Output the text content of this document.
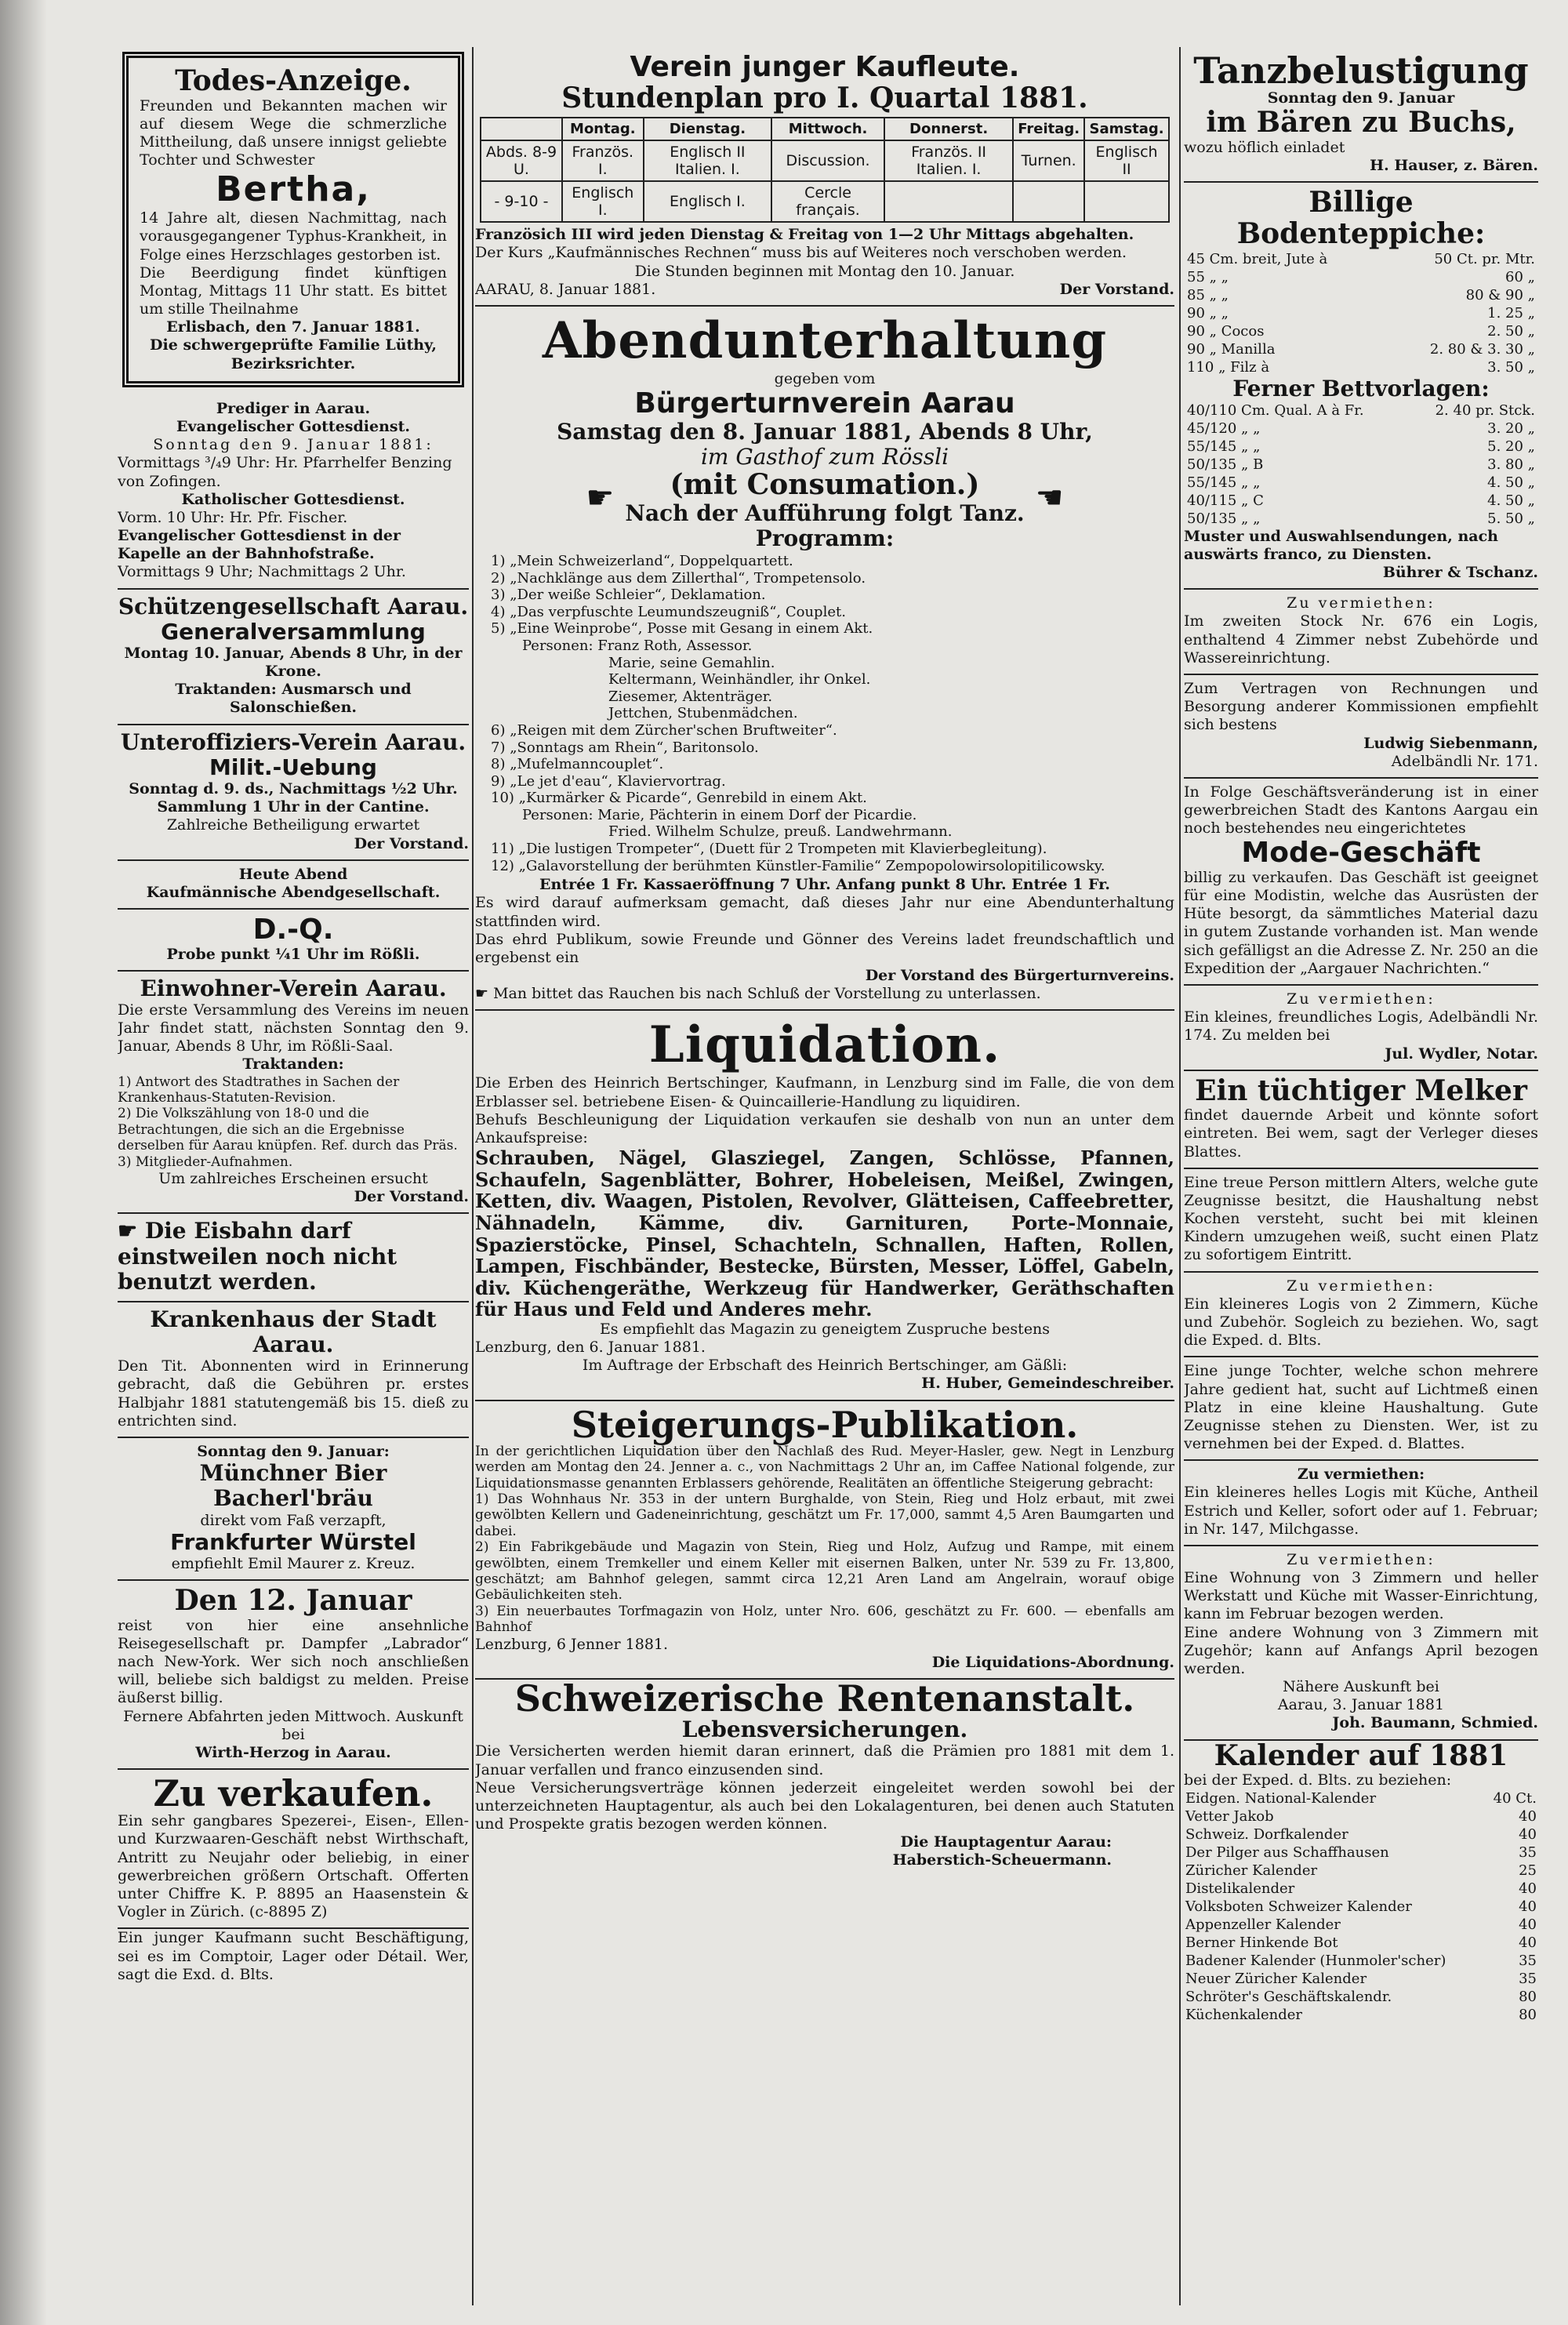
Todes-Anzeige.
Freunden und Bekannten machen wir auf diesem Wege die schmerzliche Mittheilung, daß unsere innigst geliebte Tochter und Schwester
Bertha,
14 Jahre alt, diesen Nachmittag, nach vorausgegangener Typhus-Krankheit, in Folge eines Herzschlages gestorben ist.
Die Beerdigung findet künftigen Montag, Mittags 11 Uhr statt. Es bittet um stille Theilnahme
Erlisbach, den 7. Januar 1881.
Die schwergeprüfte Familie Lüthy, Bezirksrichter.
Prediger in Aarau.
Evangelischer Gottesdienst.
Sonntag den 9. Januar 1881:
Vormittags ³/₄9 Uhr: Hr. Pfarrhelfer Benzing von Zofingen.
Katholischer Gottesdienst.
Vorm. 10 Uhr: Hr. Pfr. Fischer.
Evangelischer Gottesdienst in der Kapelle an der Bahnhofstraße.
Vormittags 9 Uhr; Nachmittags 2 Uhr.
Schützengesellschaft Aarau.
Generalversammlung
Montag 10. Januar, Abends 8 Uhr, in der Krone.
Traktanden: Ausmarsch und Salonschießen.
Unteroffiziers-Verein Aarau.
Milit.-Uebung
Sonntag d. 9. ds., Nachmittags ½2 Uhr. Sammlung 1 Uhr in der Cantine.
Zahlreiche Betheiligung erwartet
Der Vorstand.
Heute Abend
Kaufmännische Abendgesellschaft.
D.-Q.
Probe punkt ¼1 Uhr im Rößli.
Einwohner-Verein Aarau.
Die erste Versammlung des Vereins im neuen Jahr findet statt, nächsten Sonntag den 9. Januar, Abends 8 Uhr, im Rößli-Saal.
Traktanden:
1) Antwort des Stadtrathes in Sachen der Krankenhaus-Statuten-Revision.
2) Die Volkszählung von 18-0 und die Betrachtungen, die sich an die Ergebnisse derselben für Aarau knüpfen. Ref. durch das Präs.
3) Mitglieder-Aufnahmen.
Um zahlreiches Erscheinen ersucht
Der Vorstand.
☛ Die Eisbahn darf einstweilen noch nicht benutzt werden.
Krankenhaus der Stadt Aarau.
Den Tit. Abonnenten wird in Erinnerung gebracht, daß die Gebühren pr. erstes Halbjahr 1881 statutengemäß bis 15. dieß zu entrichten sind.
Sonntag den 9. Januar:
Münchner Bier Bacherl'bräu
direkt vom Faß verzapft,
Frankfurter Würstel
empfiehlt Emil Maurer z. Kreuz.
Den 12. Januar
reist von hier eine ansehnliche Reisegesellschaft pr. Dampfer „Labrador“ nach New-York. Wer sich noch anschließen will, beliebe sich baldigst zu melden. Preise äußerst billig.
Fernere Abfahrten jeden Mittwoch. Auskunft bei
Wirth-Herzog in Aarau.
Zu verkaufen.
Ein sehr gangbares Spezerei-, Eisen-, Ellen- und Kurzwaaren-Geschäft nebst Wirthschaft, Antritt zu Neujahr oder beliebig, in einer gewerbreichen größern Ortschaft. Offerten unter Chiffre K. P. 8895 an Haasenstein & Vogler in Zürich. (c-8895 Z)
Ein junger Kaufmann sucht Beschäftigung, sei es im Comptoir, Lager oder Détail. Wer, sagt die Exd. d. Blts.
Verein junger Kaufleute.
Stundenplan pro I. Quartal 1881.
	Montag.	Dienstag.	Mittwoch.	Donnerst.	Freitag.	Samstag.
Abds. 8-9 U.	Französ. I.	Englisch II Italien. I.	Discussion.	Französ. II Italien. I.	Turnen.	Englisch II
- 9-10 -	Englisch I.	Englisch I.	Cercle français.			
Französich III wird jeden Dienstag & Freitag von 1—2 Uhr Mittags abgehalten.
Der Kurs „Kaufmännisches Rechnen“ muss bis auf Weiteres noch verschoben werden.
Die Stunden beginnen mit Montag den 10. Januar.
AARAU, 8. Januar 1881.	Der Vorstand.
Abendunterhaltung
gegeben vom
Bürgerturnverein Aarau
Samstag den 8. Januar 1881, Abends 8 Uhr,
im Gasthof zum Rössli
☛	(mit Consumation.)
Nach der Aufführung folgt Tanz. ☚
Programm:
1) „Mein Schweizerland“, Doppelquartett.
2) „Nachklänge aus dem Zillerthal“, Trompetensolo.
3) „Der weiße Schleier“, Deklamation.
4) „Das verpfuschte Leumundszeugniß“, Couplet.
5) „Eine Weinprobe“, Posse mit Gesang in einem Akt.
Personen: Franz Roth, Assessor.
Marie, seine Gemahlin.
Keltermann, Weinhändler, ihr Onkel.
Ziesemer, Aktenträger.
Jettchen, Stubenmädchen.
6) „Reigen mit dem Zürcher'schen Bruftweiter“.
7) „Sonntags am Rhein“, Baritonsolo.
8) „Mufelmanncouplet“.
9) „Le jet d'eau“, Klaviervortrag.
10) „Kurmärker & Picarde“, Genrebild in einem Akt.
Personen: Marie, Pächterin in einem Dorf der Picardie.
Fried. Wilhelm Schulze, preuß. Landwehrmann.
11) „Die lustigen Trompeter“, (Duett für 2 Trompeten mit Klavierbegleitung).
12) „Galavorstellung der berühmten Künstler-Familie“ Zempopolowirsolopitilicowsky.
Entrée 1 Fr. Kassaeröffnung 7 Uhr. Anfang punkt 8 Uhr. Entrée 1 Fr.
Es wird darauf aufmerksam gemacht, daß dieses Jahr nur eine Abendunterhaltung stattfinden wird.
Das ehrd Publikum, sowie Freunde und Gönner des Vereins ladet freundschaftlich und ergebenst ein
Der Vorstand des Bürgerturnvereins.
☛ Man bittet das Rauchen bis nach Schluß der Vorstellung zu unterlassen.
Liquidation.
Die Erben des Heinrich Bertschinger, Kaufmann, in Lenzburg sind im Falle, die von dem Erblasser sel. betriebene Eisen- & Quincaillerie-Handlung zu liquidiren.
Behufs Beschleunigung der Liquidation verkaufen sie deshalb von nun an unter dem Ankaufspreise:
Schrauben, Nägel, Glasziegel, Zangen, Schlösse, Pfannen, Schaufeln, Sagenblätter, Bohrer, Hobeleisen, Meißel, Zwingen, Ketten, div. Waagen, Pistolen, Revolver, Glätteisen, Caffeebretter, Nähnadeln, Kämme, div. Garnituren, Porte-Monnaie, Spazierstöcke, Pinsel, Schachteln, Schnallen, Haften, Rollen, Lampen, Fischbänder, Bestecke, Bürsten, Messer, Löffel, Gabeln, div. Küchengeräthe, Werkzeug für Handwerker, Geräthschaften für Haus und Feld und Anderes mehr.
Es empfiehlt das Magazin zu geneigtem Zuspruche bestens
Lenzburg, den 6. Januar 1881.
Im Auftrage der Erbschaft des Heinrich Bertschinger, am Gäßli:
H. Huber, Gemeindeschreiber.
Steigerungs-Publikation.
In der gerichtlichen Liquidation über den Nachlaß des Rud. Meyer-Hasler, gew. Negt in Lenzburg werden am Montag den 24. Jenner a. c., von Nachmittags 2 Uhr an, im Caffee National folgende, zur Liquidationsmasse genannten Erblassers gehörende, Realitäten an öffentliche Steigerung gebracht:
1) Das Wohnhaus Nr. 353 in der untern Burghalde, von Stein, Rieg und Holz erbaut, mit zwei gewölbten Kellern und Gadeneinrichtung, geschätzt um Fr. 17,000, sammt 4,5 Aren Baumgarten und dabei.
2) Ein Fabrikgebäude und Magazin von Stein, Rieg und Holz, Aufzug und Rampe, mit einem gewölbten, einem Tremkeller und einem Keller mit eisernen Balken, unter Nr. 539 zu Fr. 13,800, geschätzt; am Bahnhof gelegen, sammt circa 12,21 Aren Land am Angelrain, worauf obige Gebäulichkeiten steh.
3) Ein neuerbautes Torfmagazin von Holz, unter Nro. 606, geschätzt zu Fr. 600. — ebenfalls am Bahnhof
Lenzburg, 6 Jenner 1881.
Die Liquidations-Abordnung.
Schweizerische Rentenanstalt.
Lebensversicherungen.
Die Versicherten werden hiemit daran erinnert, daß die Prämien pro 1881 mit dem 1. Januar verfallen und franco einzusenden sind.
Neue Versicherungsverträge können jederzeit eingeleitet werden sowohl bei der unterzeichneten Hauptagentur, als auch bei den Lokalagenturen, bei denen auch Statuten und Prospekte gratis bezogen werden können.
Die Hauptagentur Aarau:
Haberstich-Scheuermann.
Tanzbelustigung
Sonntag den 9. Januar
im Bären zu Buchs,
wozu höflich einladet
H. Hauser, z. Bären.
Billige Bodenteppiche:
45 Cm. breit, Jute à	50 Ct. pr. Mtr.
55 „ „	60 „
85 „ „	80 & 90 „
90 „ „	1. 25 „
90 „ Cocos	2. 50 „
90 „ Manilla	2. 80 & 3. 30 „
110 „ Filz à	3. 50 „
Ferner Bettvorlagen:
40/110 Cm. Qual. A à Fr.	2. 40 pr. Stck.
45/120 „ „	3. 20 „
55/145 „ „	5. 20 „
50/135 „ B	3. 80 „
55/145 „ „	4. 50 „
40/115 „ C	4. 50 „
50/135 „ „	5. 50 „
Muster und Auswahlsendungen, nach auswärts franco, zu Diensten.
Bührer & Tschanz.
Zu vermiethen:
Im zweiten Stock Nr. 676 ein Logis, enthaltend 4 Zimmer nebst Zubehörde und Wassereinrichtung.
Zum Vertragen von Rechnungen und Besorgung anderer Kommissionen empfiehlt sich bestens
Ludwig Siebenmann,
Adelbändli Nr. 171.
In Folge Geschäftsveränderung ist in einer gewerbreichen Stadt des Kantons Aargau ein noch bestehendes neu eingerichtetes
Mode-Geschäft
billig zu verkaufen. Das Geschäft ist geeignet für eine Modistin, welche das Ausrüsten der Hüte besorgt, da sämmtliches Material dazu in gutem Zustande vorhanden ist. Man wende sich gefälligst an die Adresse Z. Nr. 250 an die Expedition der „Aargauer Nachrichten.“
Zu vermiethen:
Ein kleines, freundliches Logis, Adelbändli Nr. 174. Zu melden bei
Jul. Wydler, Notar.
Ein tüchtiger Melker
findet dauernde Arbeit und könnte sofort eintreten. Bei wem, sagt der Verleger dieses Blattes.
Eine treue Person mittlern Alters, welche gute Zeugnisse besitzt, die Haushaltung nebst Kochen versteht, sucht bei mit kleinen Kindern umzugehen weiß, sucht einen Platz zu sofortigem Eintritt.
Zu vermiethen:
Ein kleineres Logis von 2 Zimmern, Küche und Zubehör. Sogleich zu beziehen. Wo, sagt die Exped. d. Blts.
Eine junge Tochter, welche schon mehrere Jahre gedient hat, sucht auf Lichtmeß einen Platz in eine kleine Haushaltung. Gute Zeugnisse stehen zu Diensten. Wer, ist zu vernehmen bei der Exped. d. Blattes.
Zu vermiethen:
Ein kleineres helles Logis mit Küche, Antheil Estrich und Keller, sofort oder auf 1. Februar; in Nr. 147, Milchgasse.
Zu vermiethen:
Eine Wohnung von 3 Zimmern und heller Werkstatt und Küche mit Wasser-Einrichtung, kann im Februar bezogen werden.
Eine andere Wohnung von 3 Zimmern mit Zugehör; kann auf Anfangs April bezogen werden.
Nähere Auskunft bei
Aarau, 3. Januar 1881
Joh. Baumann, Schmied.
Kalender auf 1881
bei der Exped. d. Blts. zu beziehen:
Eidgen. National-Kalender	40 Ct.
Vetter Jakob	40
Schweiz. Dorfkalender	40
Der Pilger aus Schaffhausen	35
Züricher Kalender	25
Distelikalender	40
Volksboten Schweizer Kalender	40
Appenzeller Kalender	40
Berner Hinkende Bot	40
Badener Kalender (Hunmoler'scher)	35
Neuer Züricher Kalender	35
Schröter's Geschäftskalendr.	80
Küchenkalender	80
